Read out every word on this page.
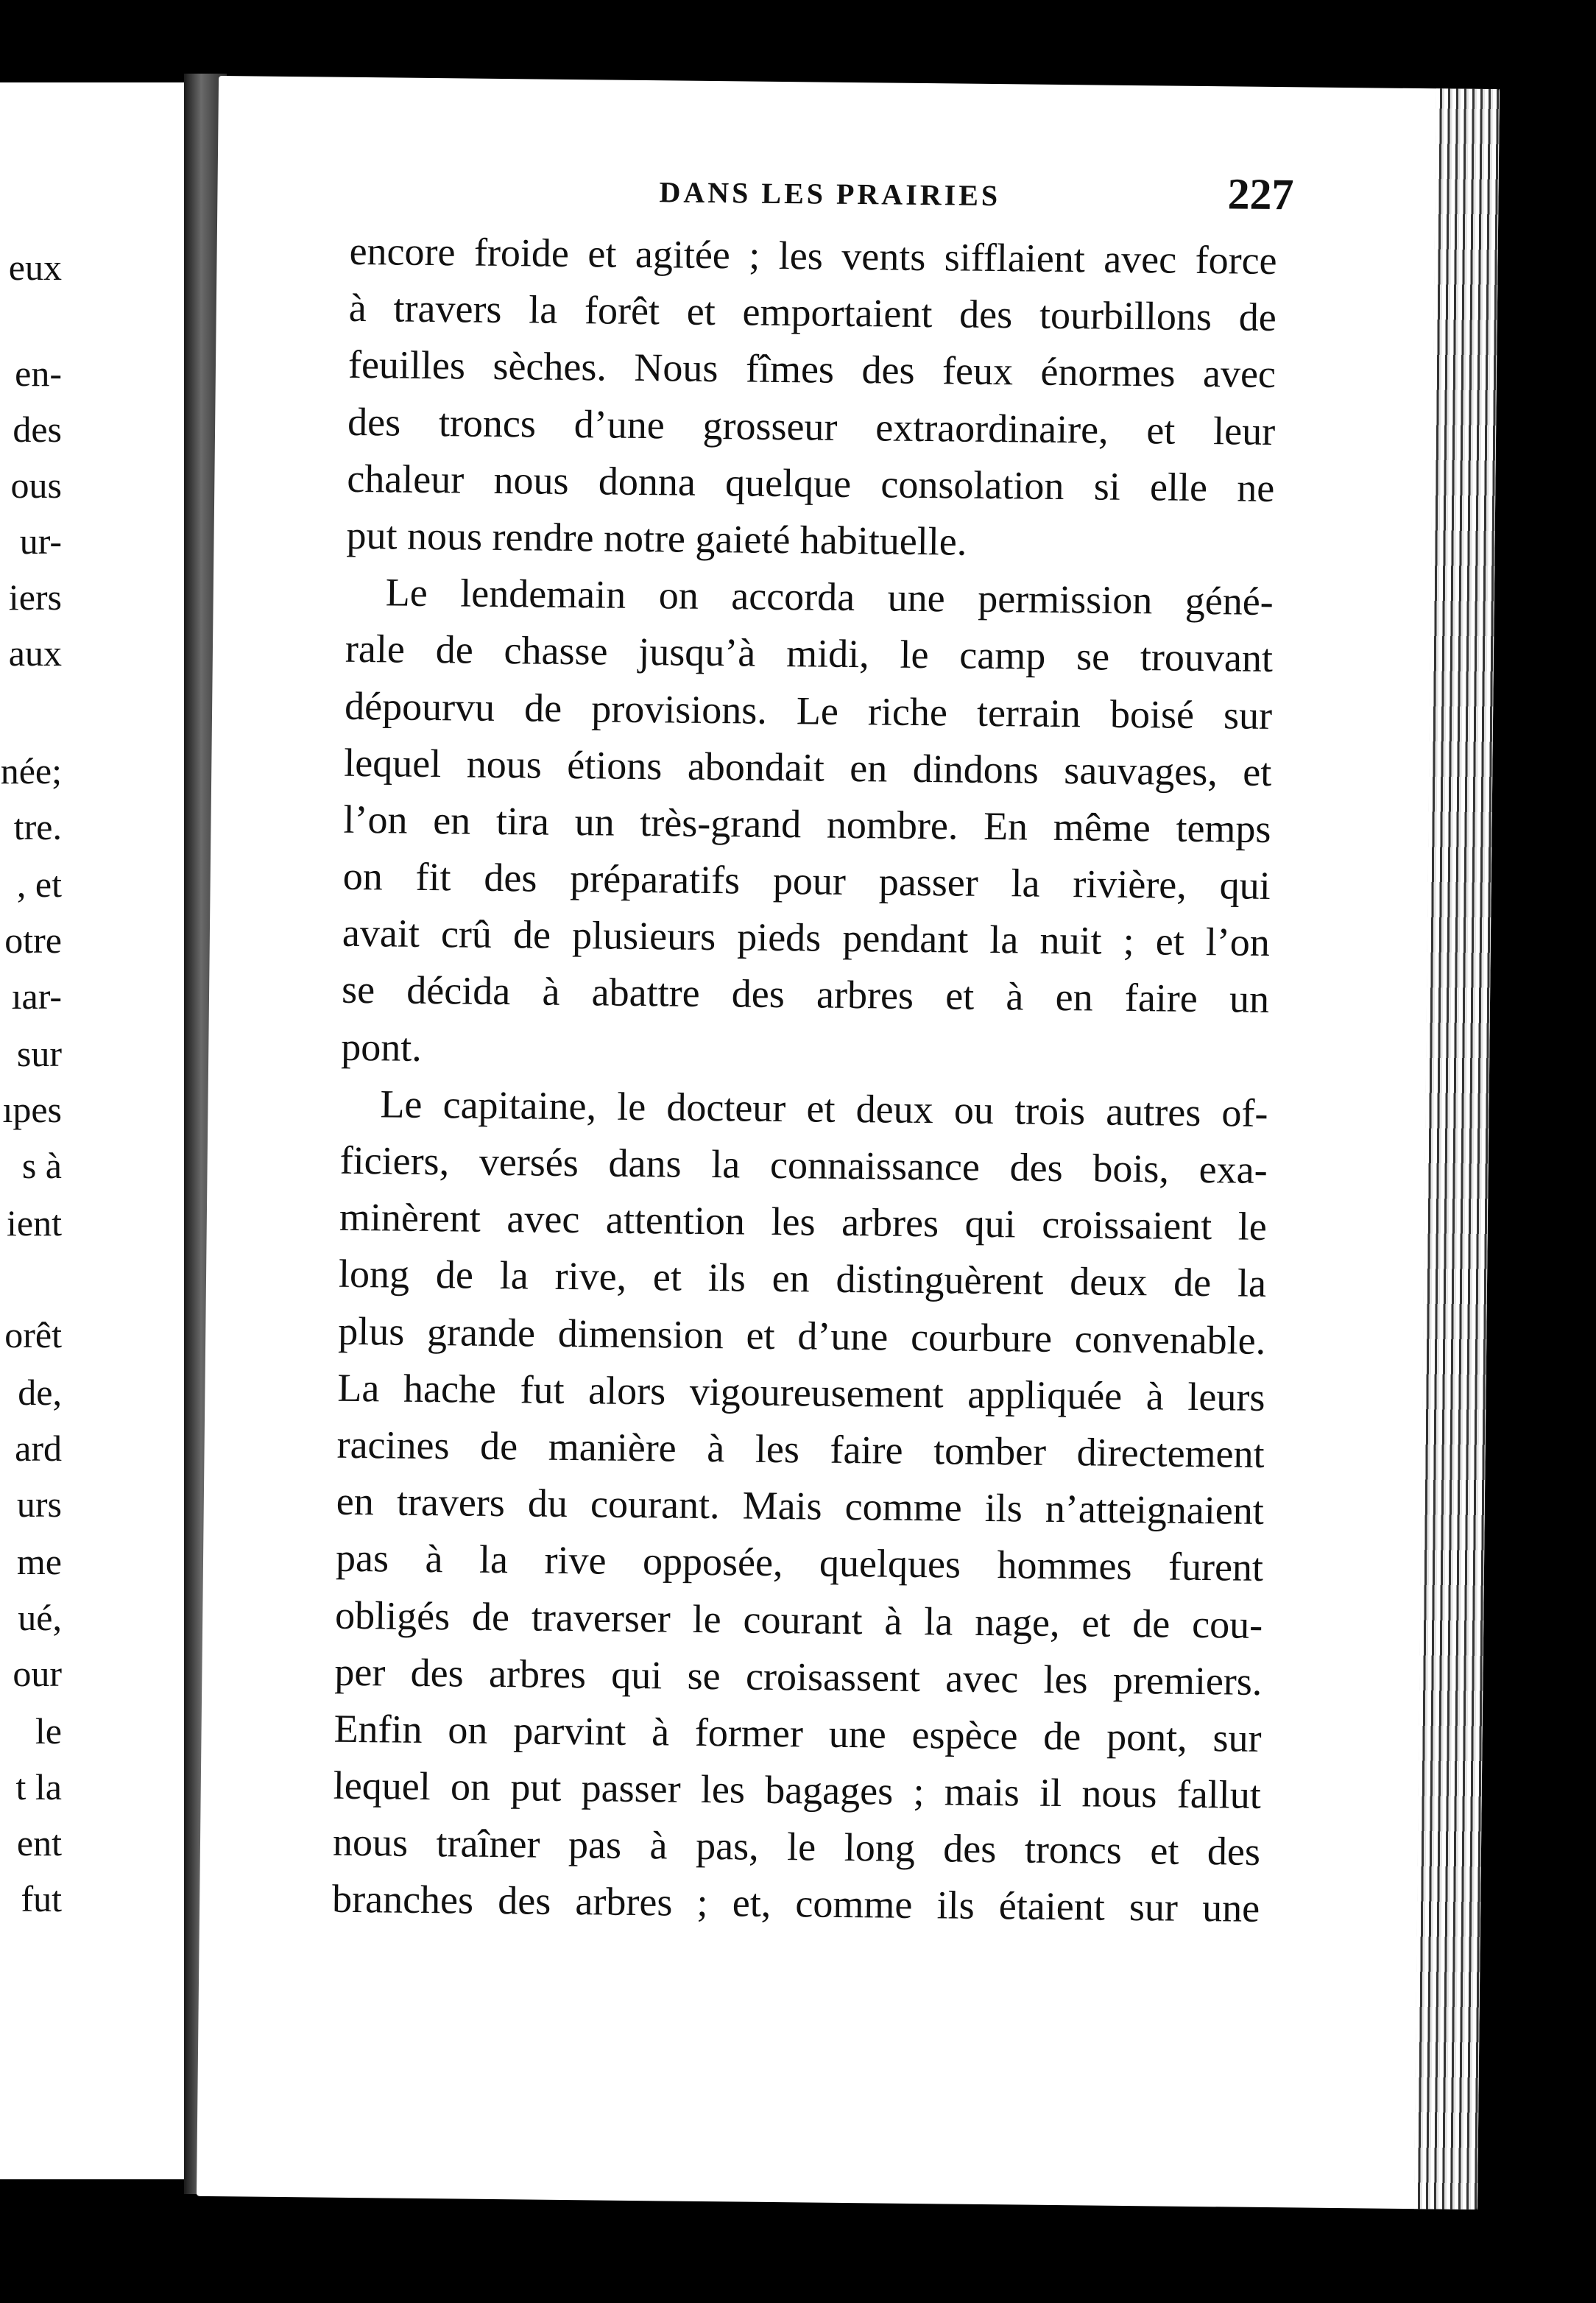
eux
en-
des
ous
ur-
iers
aux
née;
tre.
, et
otre
ıar-
sur
ıpes
s à
ient
orêt
de,
ard
urs
me
ué,
our
le
t la
ent
fut
DANS LES PRAIRIES	227
encore froide et agitée ; les vents sifflaient avec force
à travers la forêt et emportaient des tourbillons de
feuilles sèches. Nous fîmes des feux énormes avec
des troncs d’une grosseur extraordinaire, et leur
chaleur nous donna quelque consolation si elle ne
put nous rendre notre gaieté habituelle.
Le lendemain on accorda une permission géné-
rale de chasse jusqu’à midi, le camp se trouvant
dépourvu de provisions. Le riche terrain boisé sur
lequel nous étions abondait en dindons sauvages, et
l’on en tira un très-grand nombre. En même temps
on fit des préparatifs pour passer la rivière, qui
avait crû de plusieurs pieds pendant la nuit ; et l’on
se décida à abattre des arbres et à en faire un
pont.
Le capitaine, le docteur et deux ou trois autres of-
ficiers, versés dans la connaissance des bois, exa-
minèrent avec attention les arbres qui croissaient le
long de la rive, et ils en distinguèrent deux de la
plus grande dimension et d’une courbure convenable.
La hache fut alors vigoureusement appliquée à leurs
racines de manière à les faire tomber directement
en travers du courant. Mais comme ils n’atteignaient
pas à la rive opposée, quelques hommes furent
obligés de traverser le courant à la nage, et de cou-
per des arbres qui se croisassent avec les premiers.
Enfin on parvint à former une espèce de pont, sur
lequel on put passer les bagages ; mais il nous fallut
nous traîner pas à pas, le long des troncs et des
branches des arbres ; et, comme ils étaient sur une
